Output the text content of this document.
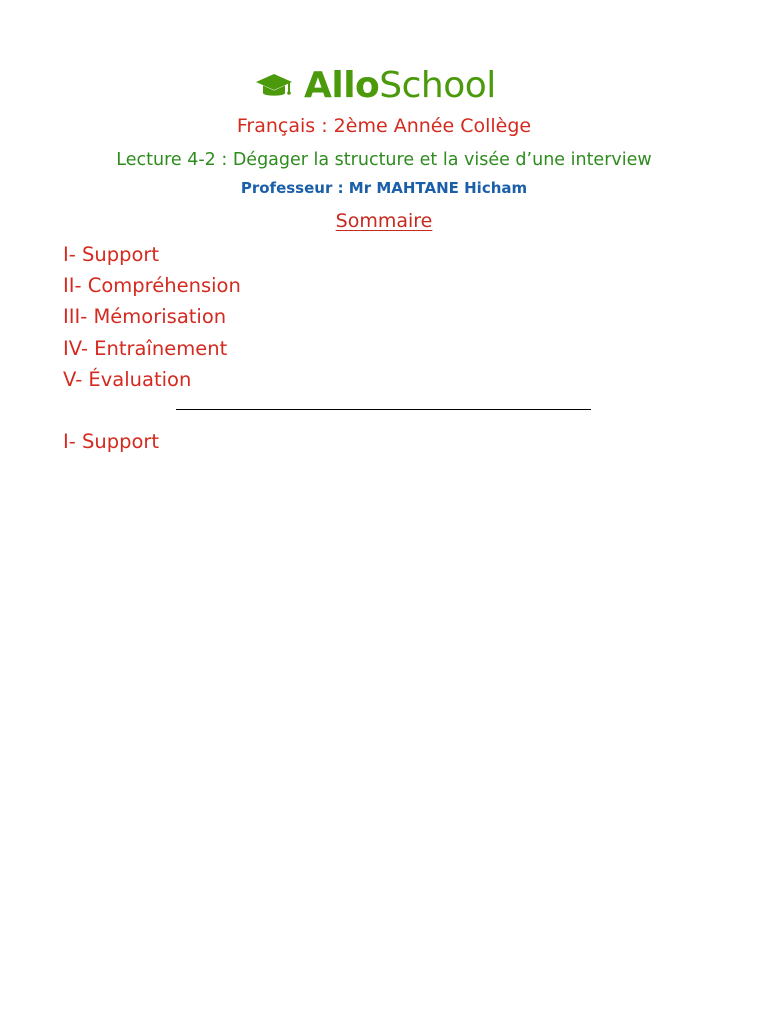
AlloSchool
Français : 2ème Année Collège
Lecture 4-2 : Dégager la structure et la visée d’une interview
Professeur : Mr MAHTANE Hicham
Sommaire
I- Support
II- Compréhension
III- Mémorisation
IV- Entraînement
V- Évaluation
I- Support
